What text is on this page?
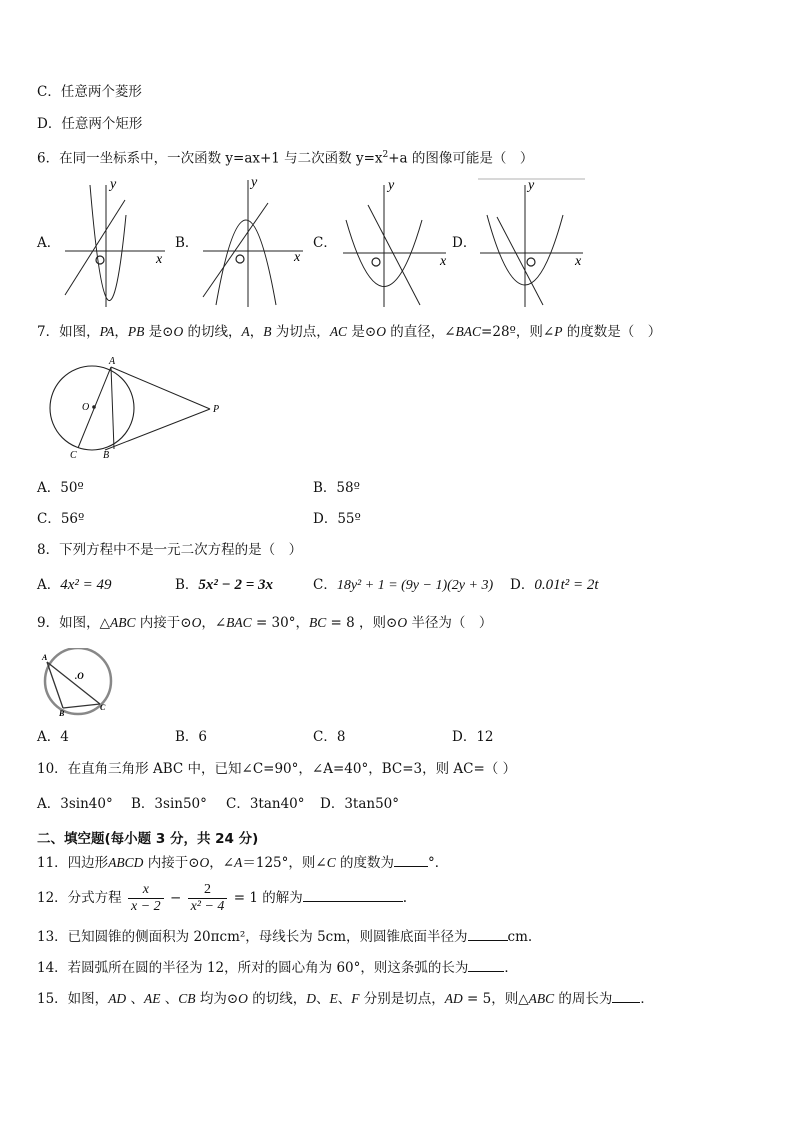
C．任意两个菱形
D．任意两个矩形
6．在同一坐标系中，一次函数 y=ax+1 与二次函数 $y=x^2+a$ 的图像可能是（　）
A．	B．	C．	D．
y
x
y
x
y
x
y
x
7．如图，PA，PB 是⊙O 的切线，A，B 为切点，AC 是⊙O 的直径，∠BAC=28º，则∠P 的度数是（　）
A
O	P
C	B
A．50º	B．58º
C．56º	D．55º
8．下列方程中不是一元二次方程的是（　）
A．4x² = 49	B．5x² − 2 = 3x	C．18y² + 1 = (9y − 1)(2y + 3) D．0.01t² = 2t
9．如图，△ABC 内接于⊙O，∠BAC = 30°，BC = 8 ，则⊙O 半径为（　）
A
.O
B
C
A．4	B．6	C．8	D．12
10．在直角三角形 ABC 中，已知∠C=90°，∠A=40°，BC=3，则 AC=（ ）
A．3sin40° B．3sin50° C．3tan40° D．3tan50°
二、填空题(每小题 3 分，共 24 分)
11．四边形ABCD 内接于⊙O，∠A＝125°，则∠C 的度数为	°．
12．分式方程 $\frac{x}{x - 2} - \frac{2}{\text{x² − 4}} = 1$ 的解为	.
13．已知圆锥的侧面积为 20πcm²，母线长为 5cm，则圆锥底面半径为	cm.
14．若圆弧所在圆的半径为 12，所对的圆心角为 60°，则这条弧的长为	．
15．如图，AD 、AE 、CB 均为⊙O 的切线，D、E、F 分别是切点，AD = 5，则△ABC 的周长为 ．
